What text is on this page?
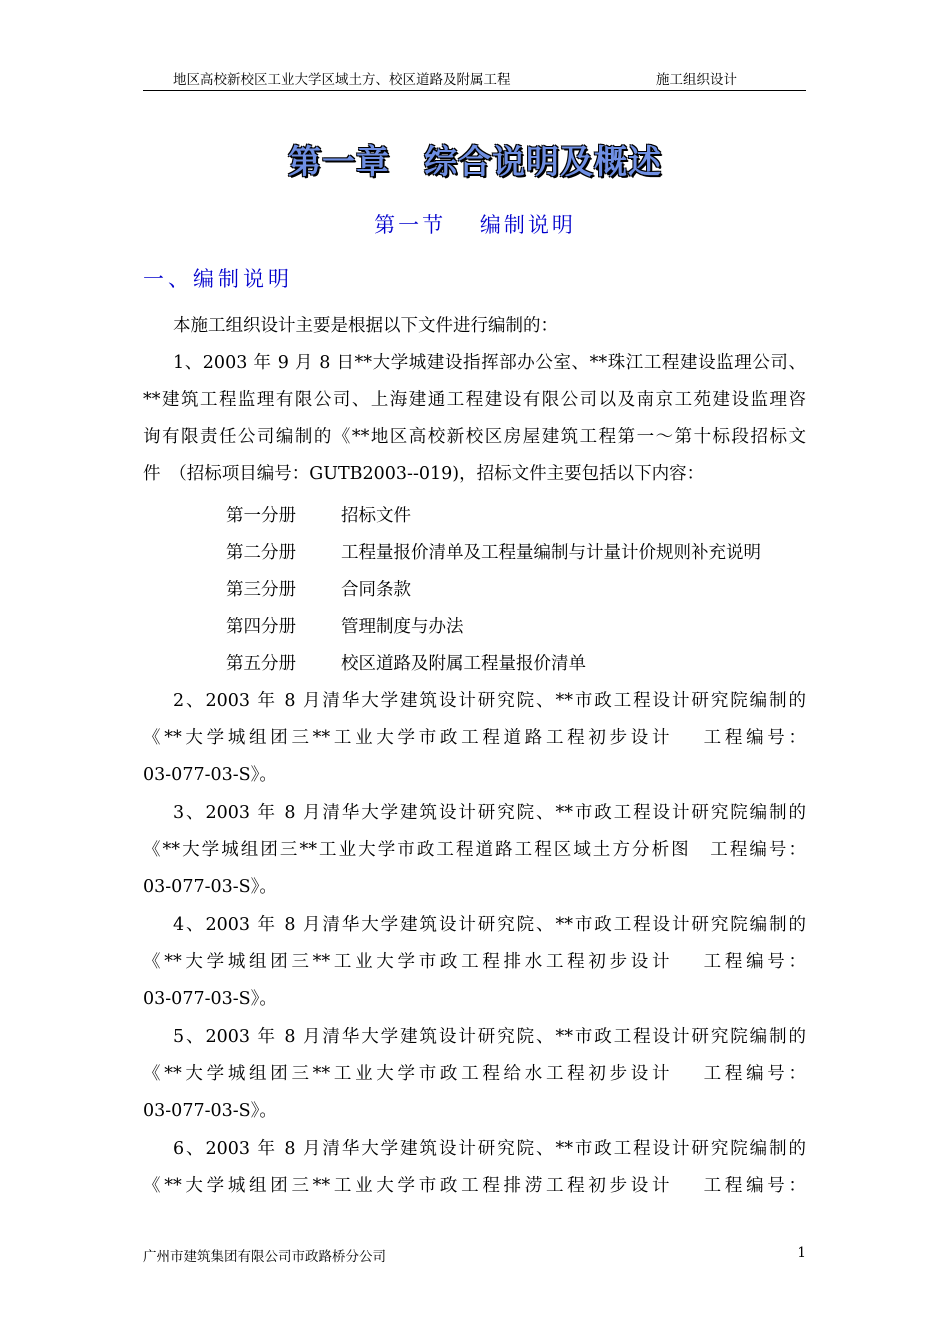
地区高校新校区工业大学区域土方、校区道路及附属工程	施工组织设计
第一章　综合说明及概述
第一节　 编制说明
一、编制说明
本施工组织设计主要是根据以下文件进行编制的：
1、2003 年 9 月 8 日**大学城建设指挥部办公室、**珠江工程建设监理公司、
**建筑工程监理有限公司、上海建通工程建设有限公司以及南京工苑建设监理咨
询有限责任公司编制的《**地区高校新校区房屋建筑工程第一～第十标段招标文
件　（招标项目编号：GUTB2003--019)，招标文件主要包括以下内容：
第一分册	招标文件
第二分册	工程量报价清单及工程量编制与计量计价规则补充说明
第三分册	合同条款
第四分册	管理制度与办法
第五分册	校区道路及附属工程量报价清单
2、2003 年 8 月清华大学建筑设计研究院、**市政工程设计研究院编制的
《**大学城组团三**工业大学市政工程道路工程初步设计　 工程编号：
03-077-03-S》。
3、2003 年 8 月清华大学建筑设计研究院、**市政工程设计研究院编制的
《**大学城组团三**工业大学市政工程道路工程区域土方分析图　工程编号：
03-077-03-S》。
4、2003 年 8 月清华大学建筑设计研究院、**市政工程设计研究院编制的
《**大学城组团三**工业大学市政工程排水工程初步设计　 工程编号：
03-077-03-S》。
5、2003 年 8 月清华大学建筑设计研究院、**市政工程设计研究院编制的
《**大学城组团三**工业大学市政工程给水工程初步设计　 工程编号：
03-077-03-S》。
6、2003 年 8 月清华大学建筑设计研究院、**市政工程设计研究院编制的
《**大学城组团三**工业大学市政工程排涝工程初步设计　 工程编号：
广州市建筑集团有限公司市政路桥分公司	1
